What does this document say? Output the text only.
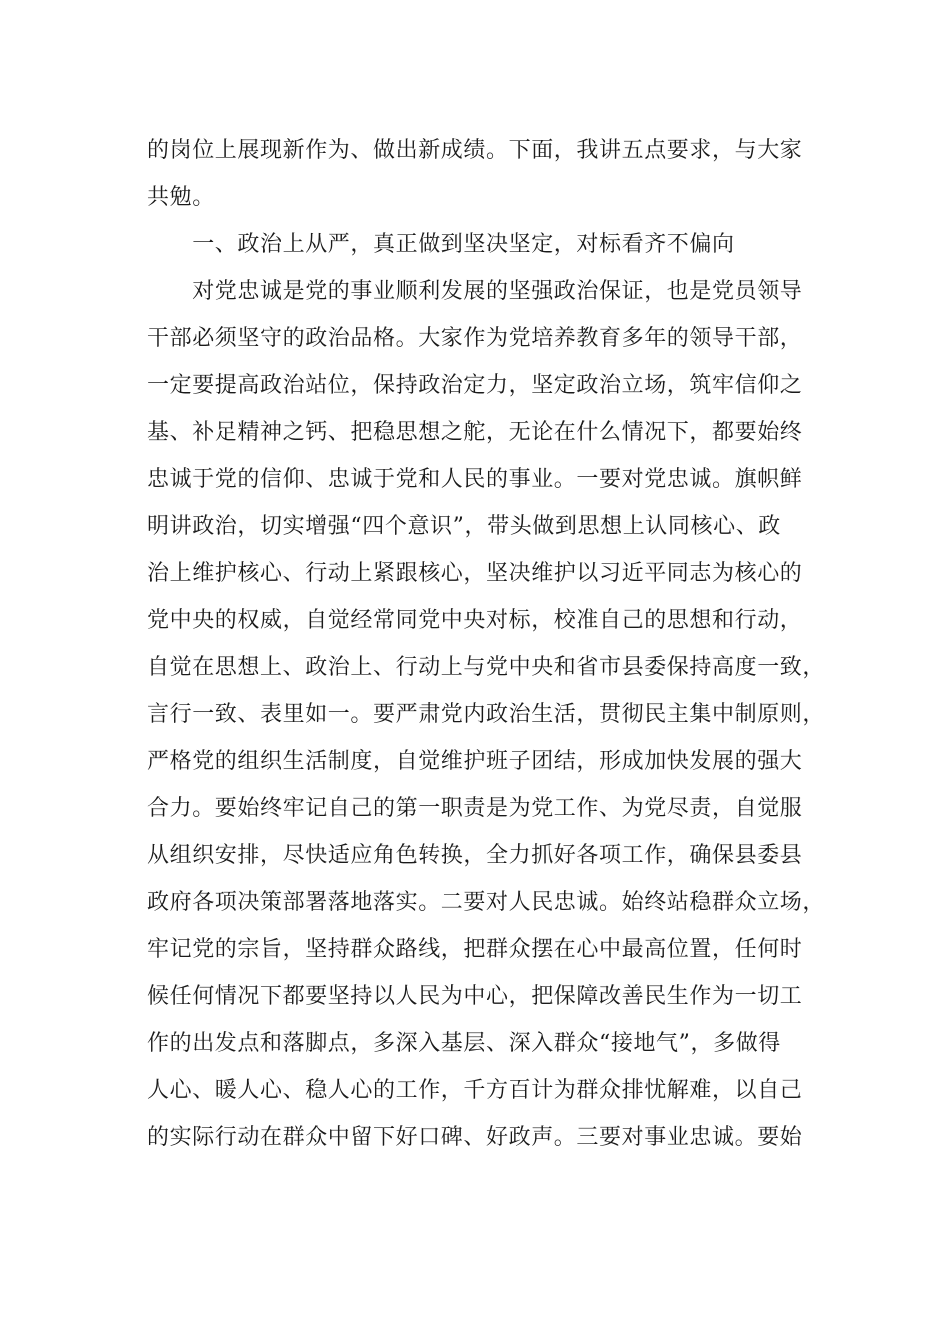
的岗位上展现新作为、做出新成绩。下面，我讲五点要求，与大家
共勉。
　　一、政治上从严，真正做到坚决坚定，对标看齐不偏向
　　对党忠诚是党的事业顺利发展的坚强政治保证，也是党员领导
干部必须坚守的政治品格。大家作为党培养教育多年的领导干部，
一定要提高政治站位，保持政治定力，坚定政治立场，筑牢信仰之
基、补足精神之钙、把稳思想之舵，无论在什么情况下，都要始终
忠诚于党的信仰、忠诚于党和人民的事业。一要对党忠诚。旗帜鲜
明讲政治，切实增强“四个意识”，带头做到思想上认同核心、政
治上维护核心、行动上紧跟核心，坚决维护以习近平同志为核心的
党中央的权威，自觉经常同党中央对标，校准自己的思想和行动，
自觉在思想上、政治上、行动上与党中央和省市县委保持高度一致，
言行一致、表里如一。要严肃党内政治生活，贯彻民主集中制原则，
严格党的组织生活制度，自觉维护班子团结，形成加快发展的强大
合力。要始终牢记自己的第一职责是为党工作、为党尽责，自觉服
从组织安排，尽快适应角色转换，全力抓好各项工作，确保县委县
政府各项决策部署落地落实。二要对人民忠诚。始终站稳群众立场，
牢记党的宗旨，坚持群众路线，把群众摆在心中最高位置，任何时
候任何情况下都要坚持以人民为中心，把保障改善民生作为一切工
作的出发点和落脚点，多深入基层、深入群众“接地气”，多做得
人心、暖人心、稳人心的工作，千方百计为群众排忧解难，以自己
的实际行动在群众中留下好口碑、好政声。三要对事业忠诚。要始
